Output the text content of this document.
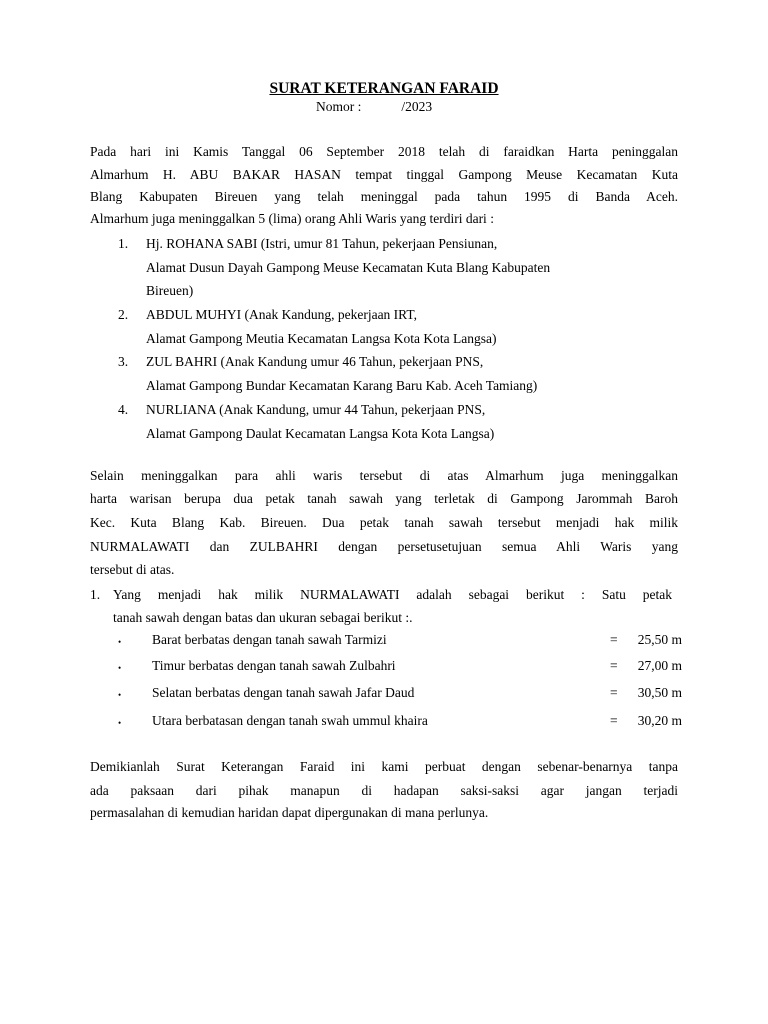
SURAT KETERANGAN FARAID
Nomor :	/2023
Pada hari ini Kamis Tanggal 06 September 2018 telah di faraidkan Harta peninggalan
Almarhum H. ABU BAKAR HASAN tempat tinggal Gampong Meuse Kecamatan Kuta
Blang Kabupaten Bireuen yang telah meninggal pada tahun 1995 di Banda Aceh.
Almarhum juga meninggalkan 5 (lima) orang Ahli Waris yang terdiri dari :
1. Hj. ROHANA SABI (Istri, umur 81 Tahun, pekerjaan Pensiunan,
Alamat Dusun Dayah Gampong Meuse Kecamatan Kuta Blang Kabupaten
Bireuen)
2. ABDUL MUHYI (Anak Kandung, pekerjaan IRT,
Alamat Gampong Meutia Kecamatan Langsa Kota Kota Langsa)
3. ZUL BAHRI (Anak Kandung umur 46 Tahun, pekerjaan PNS,
Alamat Gampong Bundar Kecamatan Karang Baru Kab. Aceh Tamiang)
4. NURLIANA (Anak Kandung, umur 44 Tahun, pekerjaan PNS,
Alamat Gampong Daulat Kecamatan Langsa Kota Kota Langsa)
Selain meninggalkan para ahli waris tersebut di atas Almarhum juga meninggalkan
harta warisan berupa dua petak tanah sawah yang terletak di Gampong Jarommah Baroh
Kec. Kuta Blang Kab. Bireuen. Dua petak tanah sawah tersebut menjadi hak milik
NURMALAWATI dan ZULBAHRI dengan persetusetujuan semua Ahli Waris yang
tersebut di atas.
1. Yang menjadi hak milik NURMALAWATI adalah sebagai berikut : Satu petak
tanah sawah dengan batas dan ukuran sebagai berikut :.
• Barat berbatas dengan tanah sawah Tarmizi	= 25,50 m
• Timur berbatas dengan tanah sawah Zulbahri	= 27,00 m
• Selatan berbatas dengan tanah sawah Jafar Daud	= 30,50 m
• Utara berbatasan dengan tanah swah ummul khaira	= 30,20 m
Demikianlah Surat Keterangan Faraid ini kami perbuat dengan sebenar-benarnya tanpa
ada paksaan dari pihak manapun di hadapan saksi-saksi agar jangan terjadi
permasalahan di kemudian haridan dapat dipergunakan di mana perlunya.
